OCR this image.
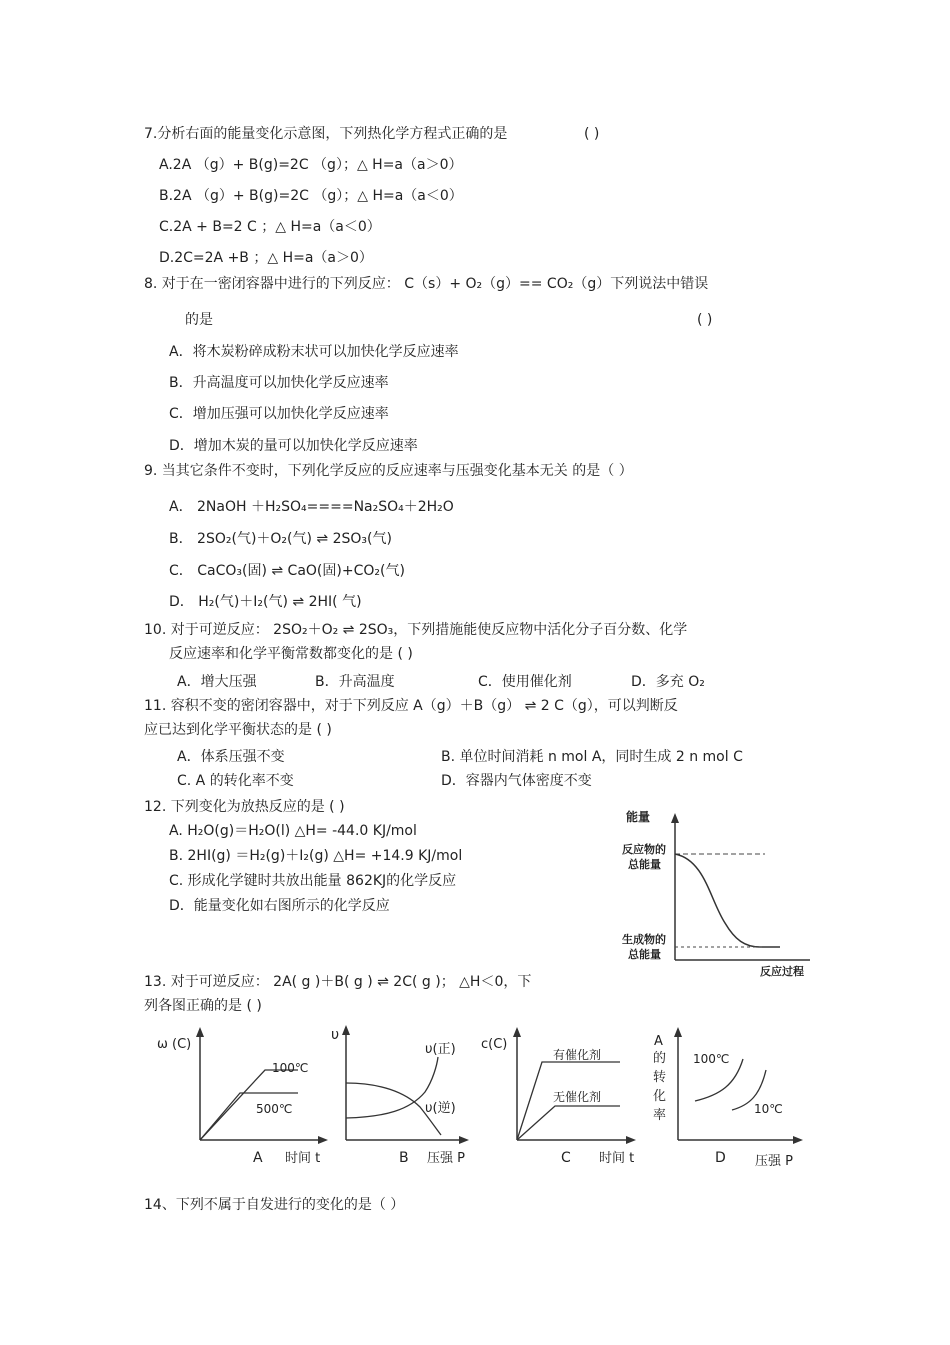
7.分析右面的能量变化示意图，下列热化学方程式正确的是	( )
A.2A （g）+ B(g)=2C （g）；△ H=a（a＞0）
B.2A （g）+ B(g)=2C （g）；△ H=a（a＜0）
C.2A + B=2 C ；△ H=a（a＜0）
D.2C=2A +B ；△ H=a（a＞0）
8. 对于在一密闭容器中进行的下列反应： C（s）+ O₂（g）== CO₂（g）下列说法中错误
的是	( )
A．将木炭粉碎成粉末状可以加快化学反应速率
B．升高温度可以加快化学反应速率
C．增加压强可以加快化学反应速率
D．增加木炭的量可以加快化学反应速率
9. 当其它条件不变时，下列化学反应的反应速率与压强变化基本无关 的是（ ）
A． 2NaOH ＋H₂SO₄====Na₂SO₄＋2H₂O
B． 2SO₂(气)＋O₂(气) ⇌ 2SO₃(气)
C． CaCO₃(固) ⇌ CaO(固)+CO₂(气)
D． H₂(气)＋I₂(气) ⇌ 2HI( 气)
10. 对于可逆反应： 2SO₂＋O₂ ⇌ 2SO₃，下列措施能使反应物中活化分子百分数、化学
反应速率和化学平衡常数都变化的是 ( )
A．增大压强	B．升高温度	C．使用催化剂	D．多充 O₂
11. 容积不变的密闭容器中，对于下列反应 A（g）＋B（g） ⇌ 2 C（g），可以判断反
应已达到化学平衡状态的是 ( )
A．体系压强不变	B. 单位时间消耗 n mol A，同时生成 2 n mol C
C. A 的转化率不变	D．容器内气体密度不变
12. 下列变化为放热反应的是 ( )
A. H₂O(g)＝H₂O(l) △H= -44.0 KJ/mol
B. 2HI(g) ＝H₂(g)＋I₂(g) △H= +14.9 KJ/mol
C. 形成化学键时共放出能量 862KJ的化学反应
D．能量变化如右图所示的化学反应
能量
反应物的
总能量
生成物的
总能量
反应过程
13. 对于可逆反应： 2A( g )＋B( g ) ⇌ 2C( g )； △H＜0，下
列各图正确的是 ( )
ω (C)
100℃
500℃
A 时间 t
υ
υ(正)
υ(逆)
B 压强 P
c(C)
有催化剂
无催化剂
C 时间 t
A
的
转
化
率
100℃
10℃
D 压强 P
14、下列不属于自发进行的变化的是（ ）
